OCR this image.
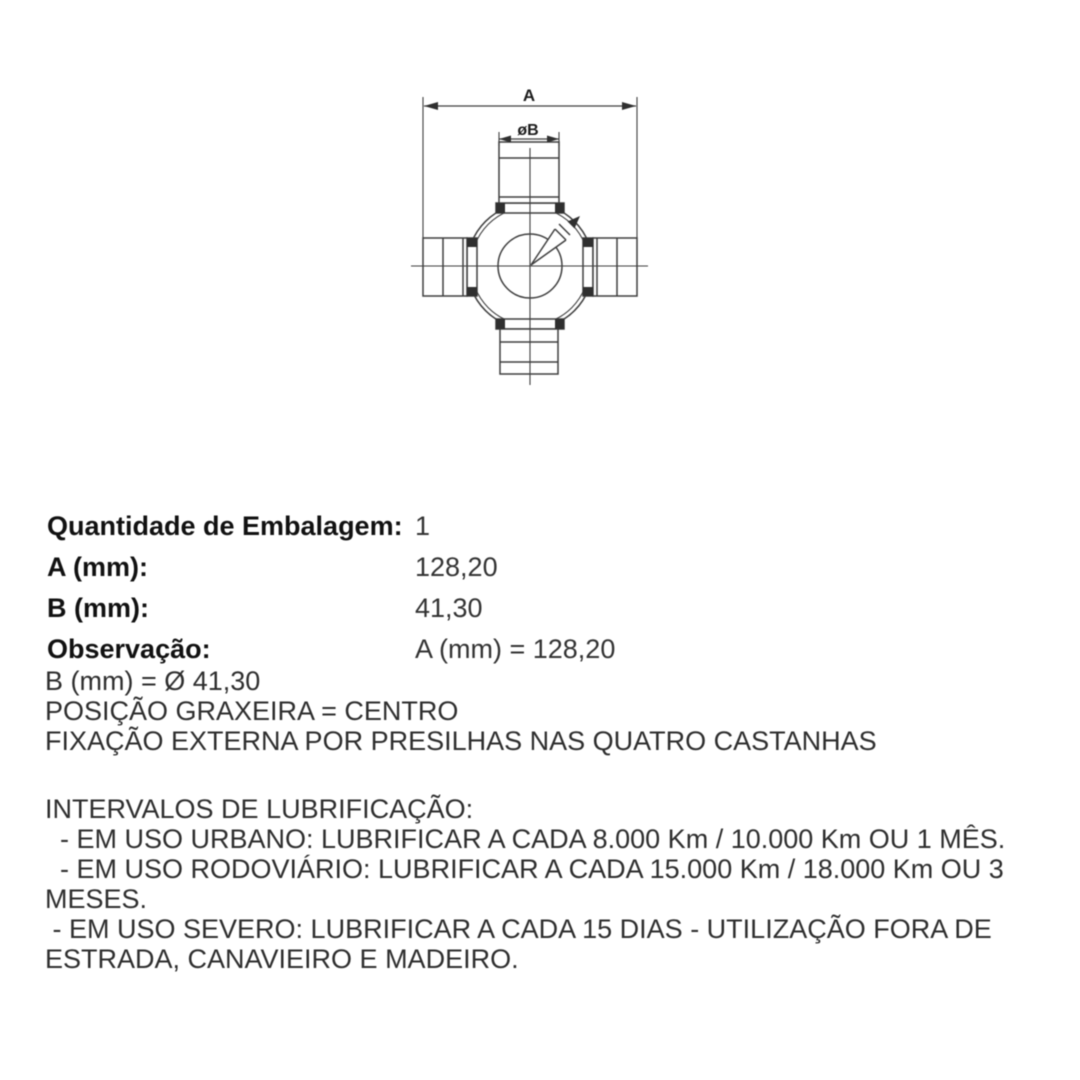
A
øB
Quantidade de Embalagem: 1
A (mm):	128,20
B (mm):	41,30
Observação:	A (mm) = 128,20
B (mm) = Ø 41,30
POSIÇÃO GRAXEIRA = CENTRO
FIXAÇÃO EXTERNA POR PRESILHAS NAS QUATRO CASTANHAS
INTERVALOS DE LUBRIFICAÇÃO:
- EM USO URBANO: LUBRIFICAR A CADA 8.000 Km / 10.000 Km OU 1 MÊS.
- EM USO RODOVIÁRIO: LUBRIFICAR A CADA 15.000 Km / 18.000 Km OU 3
MESES.
- EM USO SEVERO: LUBRIFICAR A CADA 15 DIAS - UTILIZAÇÃO FORA DE
ESTRADA, CANAVIEIRO E MADEIRO.
